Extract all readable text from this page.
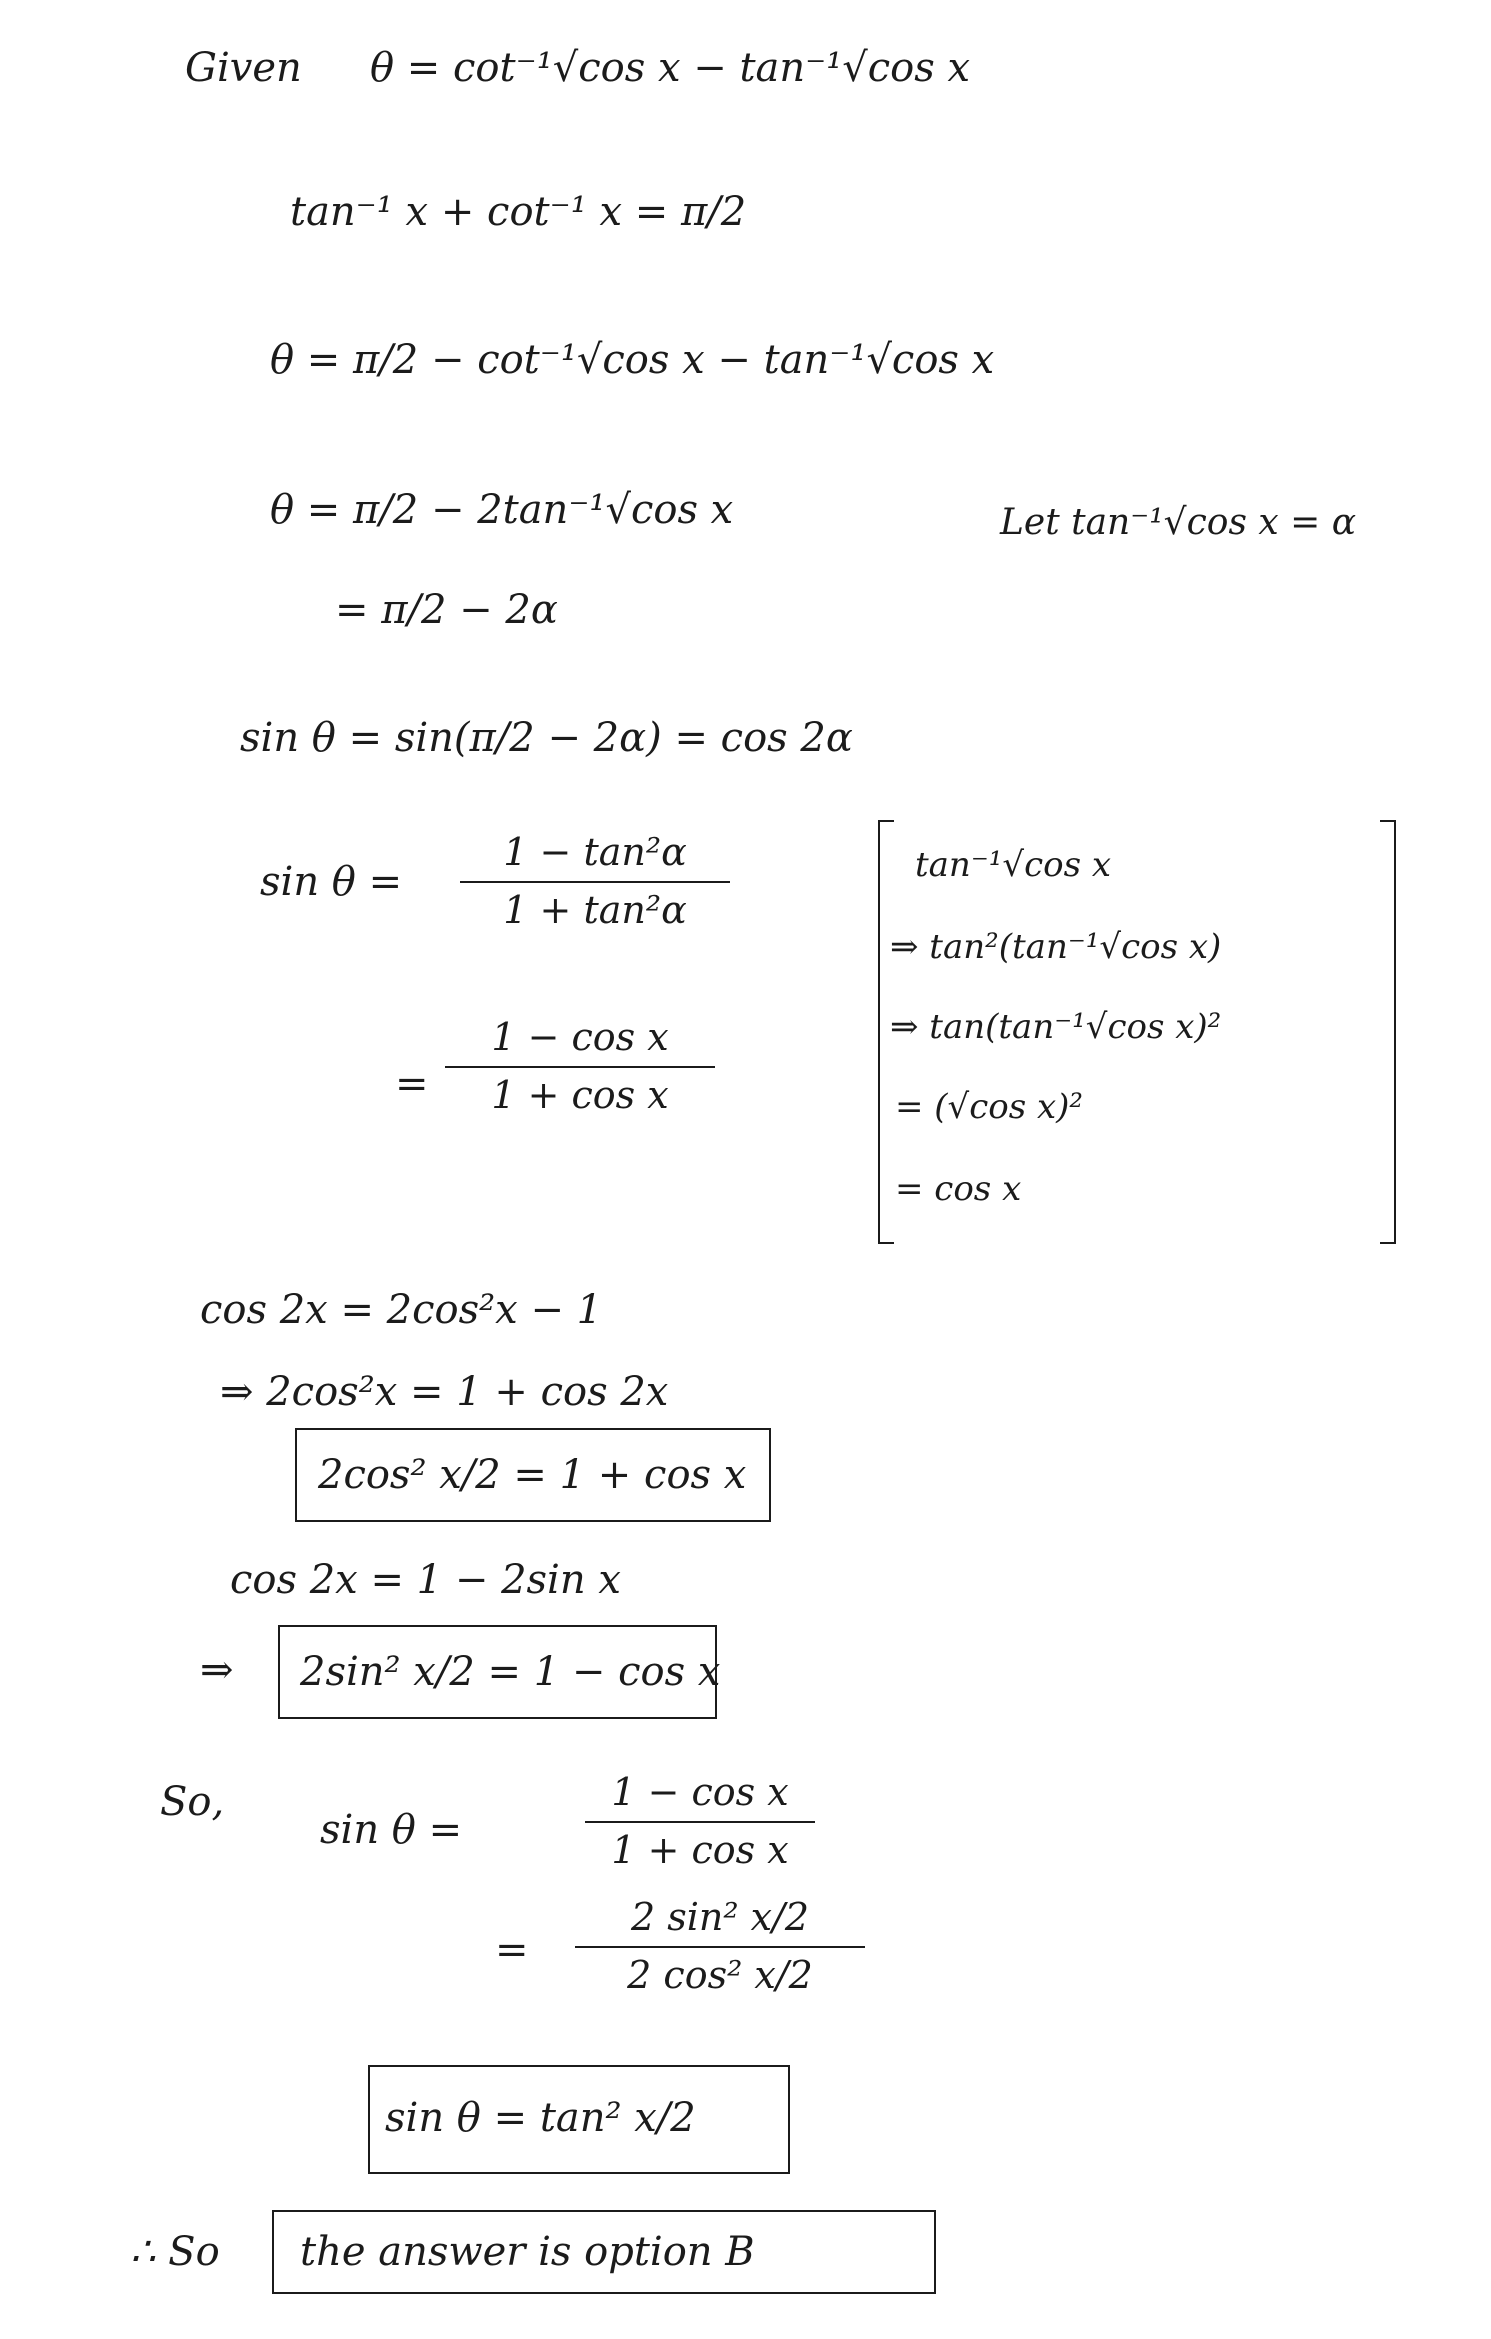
Given θ = cot⁻¹√cos x − tan⁻¹√cos x
tan⁻¹ x + cot⁻¹ x = π/2
θ = π/2 − cot⁻¹√cos x − tan⁻¹√cos x
θ = π/2 − 2tan⁻¹√cos x	Let tan⁻¹√cos x = α
= π/2 − 2α
sin θ = sin(π/2 − 2α) = cos 2α
sin θ =
1 − tan²α
1 + tan²α
=
1 − cos x
1 + cos x
tan⁻¹√cos x
⇒ tan²(tan⁻¹√cos x)
⇒ tan(tan⁻¹√cos x)²
= (√cos x)²
= cos x
cos 2x = 2cos²x − 1
⇒ 2cos²x = 1 + cos 2x
2cos² x/2 = 1 + cos x
cos 2x = 1 − 2sin x
⇒ 2sin² x/2 = 1 − cos x
So,
sin θ =
1 − cos x
1 + cos x
=
2 sin² x/2
2 cos² x/2
sin θ = tan² x/2
∴ So the answer is option B
